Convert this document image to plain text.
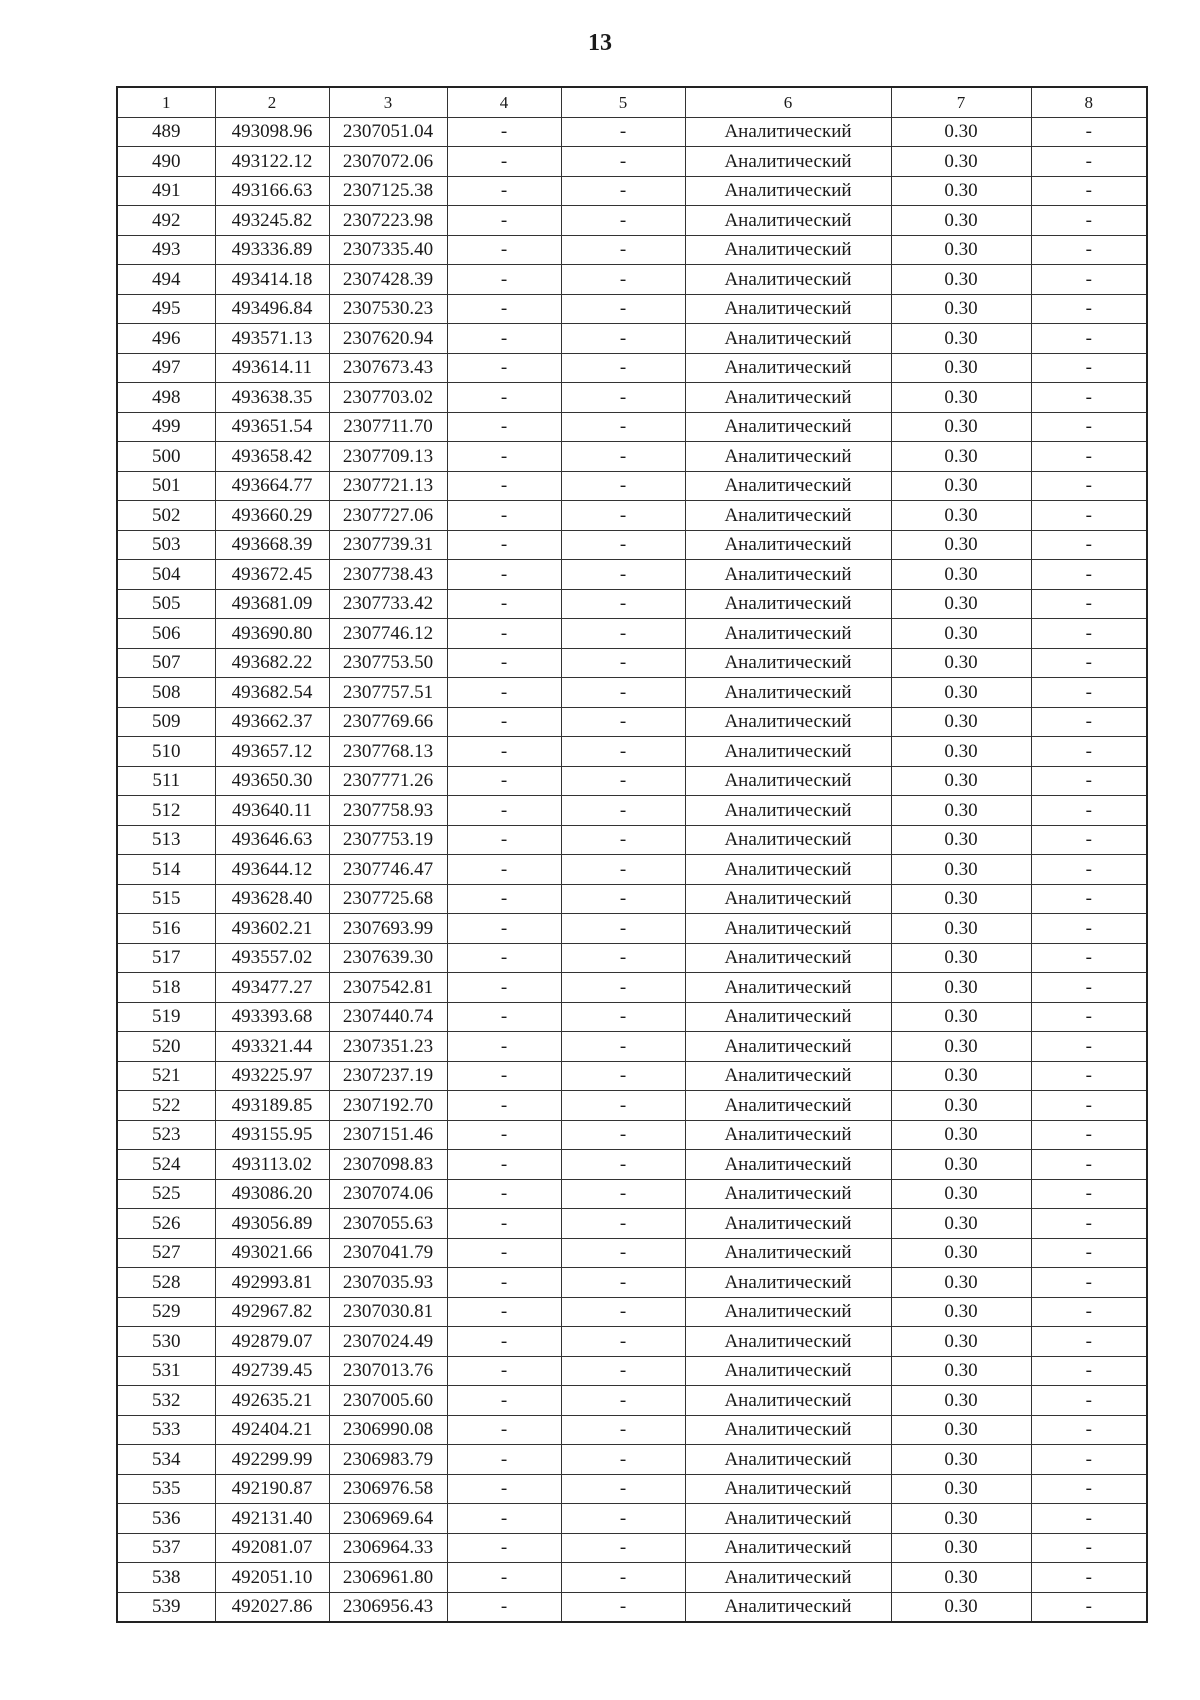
13
1	2	3	4	5	6	7	8
489	493098.96	2307051.04	-	-	Аналитический	0.30	-
490	493122.12	2307072.06	-	-	Аналитический	0.30	-
491	493166.63	2307125.38	-	-	Аналитический	0.30	-
492	493245.82	2307223.98	-	-	Аналитический	0.30	-
493	493336.89	2307335.40	-	-	Аналитический	0.30	-
494	493414.18	2307428.39	-	-	Аналитический	0.30	-
495	493496.84	2307530.23	-	-	Аналитический	0.30	-
496	493571.13	2307620.94	-	-	Аналитический	0.30	-
497	493614.11	2307673.43	-	-	Аналитический	0.30	-
498	493638.35	2307703.02	-	-	Аналитический	0.30	-
499	493651.54	2307711.70	-	-	Аналитический	0.30	-
500	493658.42	2307709.13	-	-	Аналитический	0.30	-
501	493664.77	2307721.13	-	-	Аналитический	0.30	-
502	493660.29	2307727.06	-	-	Аналитический	0.30	-
503	493668.39	2307739.31	-	-	Аналитический	0.30	-
504	493672.45	2307738.43	-	-	Аналитический	0.30	-
505	493681.09	2307733.42	-	-	Аналитический	0.30	-
506	493690.80	2307746.12	-	-	Аналитический	0.30	-
507	493682.22	2307753.50	-	-	Аналитический	0.30	-
508	493682.54	2307757.51	-	-	Аналитический	0.30	-
509	493662.37	2307769.66	-	-	Аналитический	0.30	-
510	493657.12	2307768.13	-	-	Аналитический	0.30	-
511	493650.30	2307771.26	-	-	Аналитический	0.30	-
512	493640.11	2307758.93	-	-	Аналитический	0.30	-
513	493646.63	2307753.19	-	-	Аналитический	0.30	-
514	493644.12	2307746.47	-	-	Аналитический	0.30	-
515	493628.40	2307725.68	-	-	Аналитический	0.30	-
516	493602.21	2307693.99	-	-	Аналитический	0.30	-
517	493557.02	2307639.30	-	-	Аналитический	0.30	-
518	493477.27	2307542.81	-	-	Аналитический	0.30	-
519	493393.68	2307440.74	-	-	Аналитический	0.30	-
520	493321.44	2307351.23	-	-	Аналитический	0.30	-
521	493225.97	2307237.19	-	-	Аналитический	0.30	-
522	493189.85	2307192.70	-	-	Аналитический	0.30	-
523	493155.95	2307151.46	-	-	Аналитический	0.30	-
524	493113.02	2307098.83	-	-	Аналитический	0.30	-
525	493086.20	2307074.06	-	-	Аналитический	0.30	-
526	493056.89	2307055.63	-	-	Аналитический	0.30	-
527	493021.66	2307041.79	-	-	Аналитический	0.30	-
528	492993.81	2307035.93	-	-	Аналитический	0.30	-
529	492967.82	2307030.81	-	-	Аналитический	0.30	-
530	492879.07	2307024.49	-	-	Аналитический	0.30	-
531	492739.45	2307013.76	-	-	Аналитический	0.30	-
532	492635.21	2307005.60	-	-	Аналитический	0.30	-
533	492404.21	2306990.08	-	-	Аналитический	0.30	-
534	492299.99	2306983.79	-	-	Аналитический	0.30	-
535	492190.87	2306976.58	-	-	Аналитический	0.30	-
536	492131.40	2306969.64	-	-	Аналитический	0.30	-
537	492081.07	2306964.33	-	-	Аналитический	0.30	-
538	492051.10	2306961.80	-	-	Аналитический	0.30	-
539	492027.86	2306956.43	-	-	Аналитический	0.30	-
